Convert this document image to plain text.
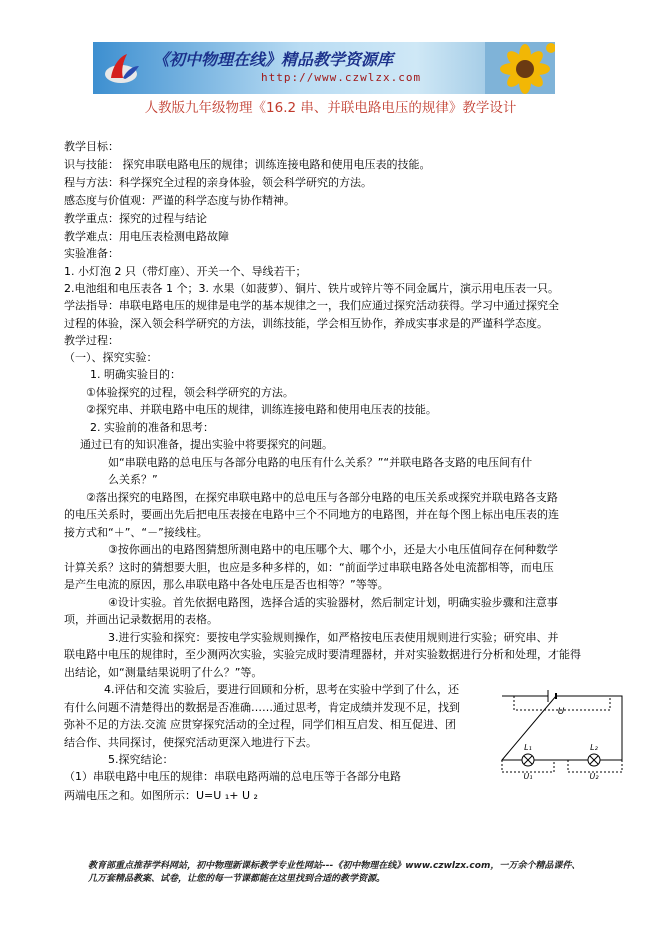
《初中物理在线》精品教学资源库
http://www.czwlzx.com
人教版九年级物理《16.2 串、并联电路电压的规律》教学设计
教学目标：
识与技能： 探究串联电路电压的规律；训练连接电路和使用电压表的技能。
程与方法：科学探究全过程的亲身体验，领会科学研究的方法。
感态度与价值观：严谨的科学态度与协作精神。
教学重点：探究的过程与结论
教学难点：用电压表检测电路故障
实验准备：
1. 小灯泡 2 只（带灯座）、开关一个、导线若干；
2.电池组和电压表各 1 个；3. 水果（如菠萝）、铜片、铁片或锌片等不同金属片，演示用电压表一只。
学法指导：串联电路电压的规律是电学的基本规律之一，我们应通过探究活动获得。学习中通过探究全
过程的体验，深入领会科学研究的方法，训练技能，学会相互协作，养成实事求是的严谨科学态度。
教学过程：
（一）、探究实验：
1. 明确实验目的：
①体验探究的过程，领会科学研究的方法。
②探究串、并联电路中电压的规律，训练连接电路和使用电压表的技能。
2. 实验前的准备和思考：
通过已有的知识准备，提出实验中将要探究的问题。
如“串联电路的总电压与各部分电路的电压有什么关系？”“并联电路各支路的电压间有什
么关系？”
②落出探究的电路图，在探究串联电路中的总电压与各部分电路的电压关系或探究并联电路各支路
的电压关系时，要画出先后把电压表接在电路中三个不同地方的电路图，并在每个图上标出电压表的连
接方式和“＋”、“－”接线柱。
③按你画出的电路图猜想所测电路中的电压哪个大、哪个小，还是大小电压值间存在何种数学
计算关系？这时的猜想要大胆，也应是多种多样的，如：“前面学过串联电路各处电流都相等，而电压
是产生电流的原因，那么串联电路中各处电压是否也相等？”等等。
④设计实验。首先依据电路图，选择合适的实验器材，然后制定计划，明确实验步骤和注意事
项，并画出记录数据用的表格。
3.进行实验和探究：要按电学实验规则操作，如严格按电压表使用规则进行实验；研究串、并
联电路中电压的规律时，至少测两次实验，实验完成时要清理器材，并对实验数据进行分析和处理，才能得
出结论，如“测量结果说明了什么？”等。
4.评估和交流 实验后，要进行回顾和分析，思考在实验中学到了什么，还
有什么问题不清楚得出的数据是否准确……通过思考，肯定成绩并发现不足，找到
弥补不足的方法.交流 应贯穿探究活动的全过程，同学们相互启发、相互促进、团
结合作、共同探讨，使探究活动更深入地进行下去。
5.探究结论：
（1）串联电路中电压的规律：串联电路两端的总电压等于各部分电路
两端电压之和。如图所示：U=U ₁+ U ₂
U
L₁	L₂
U₁	U₂
教育部重点推荐学科网站，初中物理新课标教学专业性网站---《初中物理在线》www.czwlzx.com，一万余个精品课件、几万套精品教案、试卷，让您的每一节课都能在这里找到合适的教学资源。
